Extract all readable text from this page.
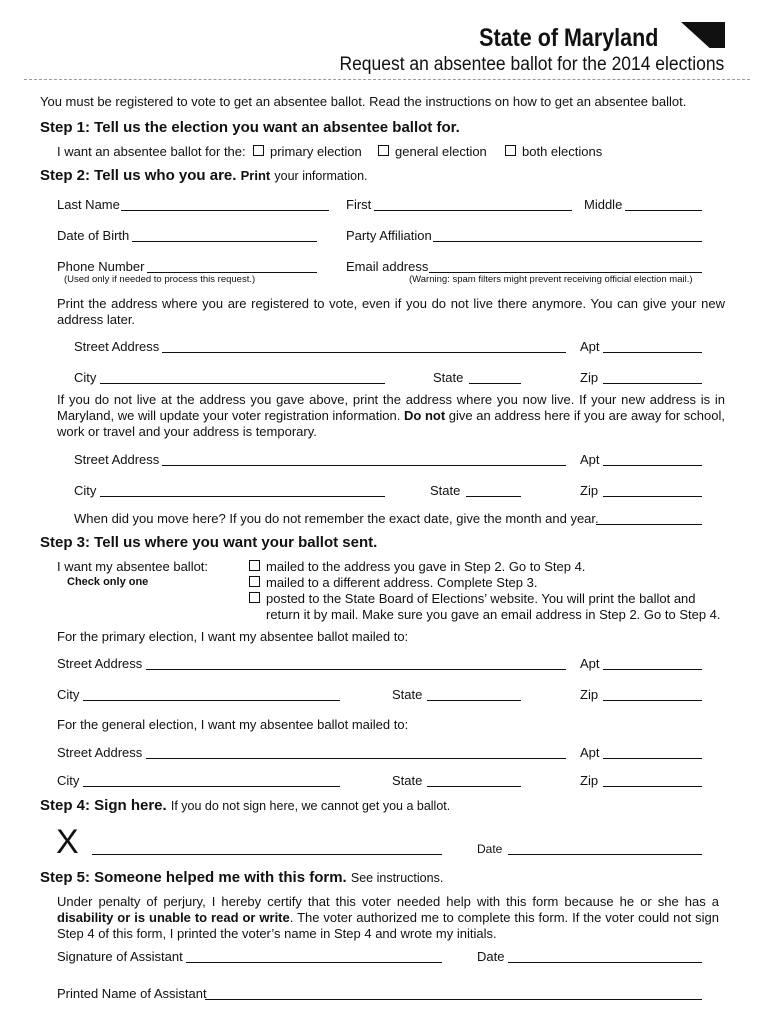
State of Maryland
Request an absentee ballot for the 2014 elections
You must be registered to vote to get an absentee ballot. Read the instructions on how to get an absentee ballot.
Step 1: Tell us the election you want an absentee ballot for.
I want an absentee ballot for the:	primary election	general election	both elections
Step 2: Tell us who you are. Print your information.
Last Name	First	Middle
Date of Birth	Party Affiliation
Phone Number
(Used only if needed to process this request.)
Email address
(Warning: spam filters might prevent receiving official election mail.)
Print the address where you are registered to vote, even if you do not live there anymore. You can give your new address later.
Street Address	Apt
City	State	Zip
If you do not live at the address you gave above, print the address where you now live. If your new address is in Maryland, we will update your voter registration information. Do not give an address here if you are away for school, work or travel and your address is temporary.
Street Address	Apt
City	State	Zip
When did you move here? If you do not remember the exact date, give the month and year.
Step 3: Tell us where you want your ballot sent.
I want my absentee ballot:
Check only one
mailed to the address you gave in Step 2. Go to Step 4.
mailed to a different address. Complete Step 3.
posted to the State Board of Elections’ website. You will print the ballot and
return it by mail. Make sure you gave an email address in Step 2. Go to Step 4.
For the primary election, I want my absentee ballot mailed to:
Street Address	Apt
City	State	Zip
For the general election, I want my absentee ballot mailed to:
Street Address	Apt
City	State	Zip
Step 4: Sign here. If you do not sign here, we cannot get you a ballot.
X	Date
Step 5: Someone helped me with this form. See instructions.
Under penalty of perjury, I hereby certify that this voter needed help with this form because he or she has a disability or is unable to read or write. The voter authorized me to complete this form. If the voter could not sign Step 4 of this form, I printed the voter’s name in Step 4 and wrote my initials.
Signature of Assistant	Date
Printed Name of Assistant
